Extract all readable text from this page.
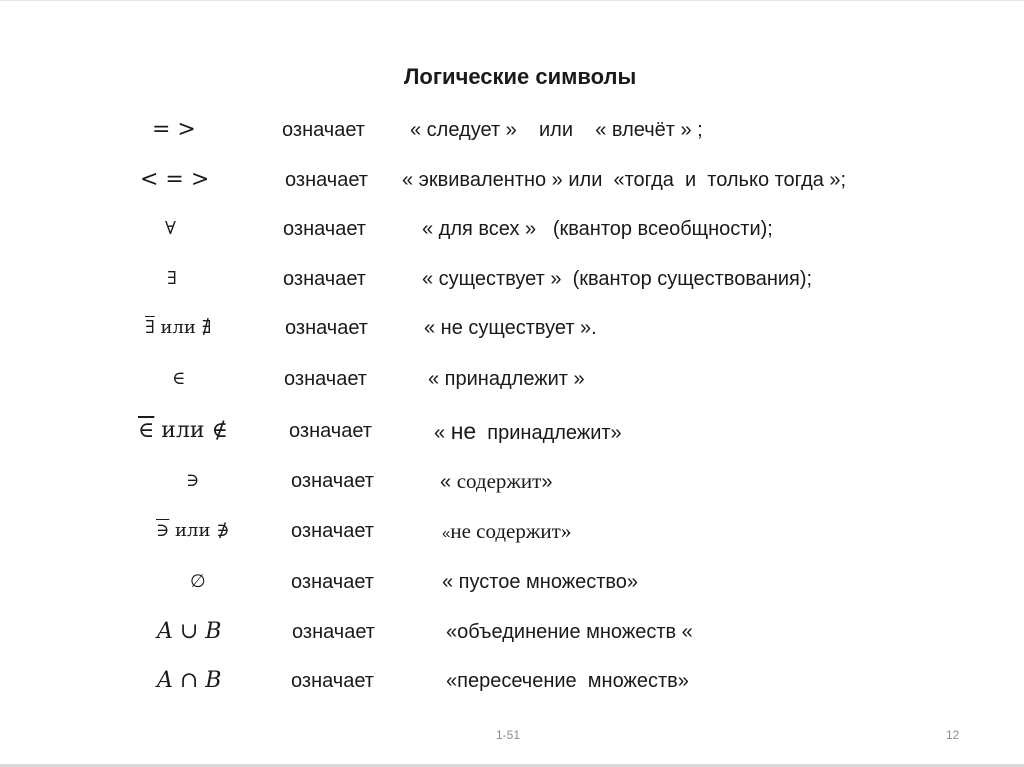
Логические символы
= >	означает « следует »    или    « влечёт » ;
< = >	означает « эквивалентно » или  «тогда  и  только тогда »;
∀	означает	« для всех »   (квантор всеобщности);
∃	означает	« существует »  (квантор существования);
∃ или ∄	означает	« не существует ».
∈	означает	« принадлежит »
∈ или ∉	означает	« не  принадлежит»
∋	означает	« содержит»
∋ или ∌	означает	«не содержит»
∅	означает	« пустое множество»
A ∪ B	означает	«объединение множеств «
A ∩ B	означает	«пересечение  множеств»
1-51	12
